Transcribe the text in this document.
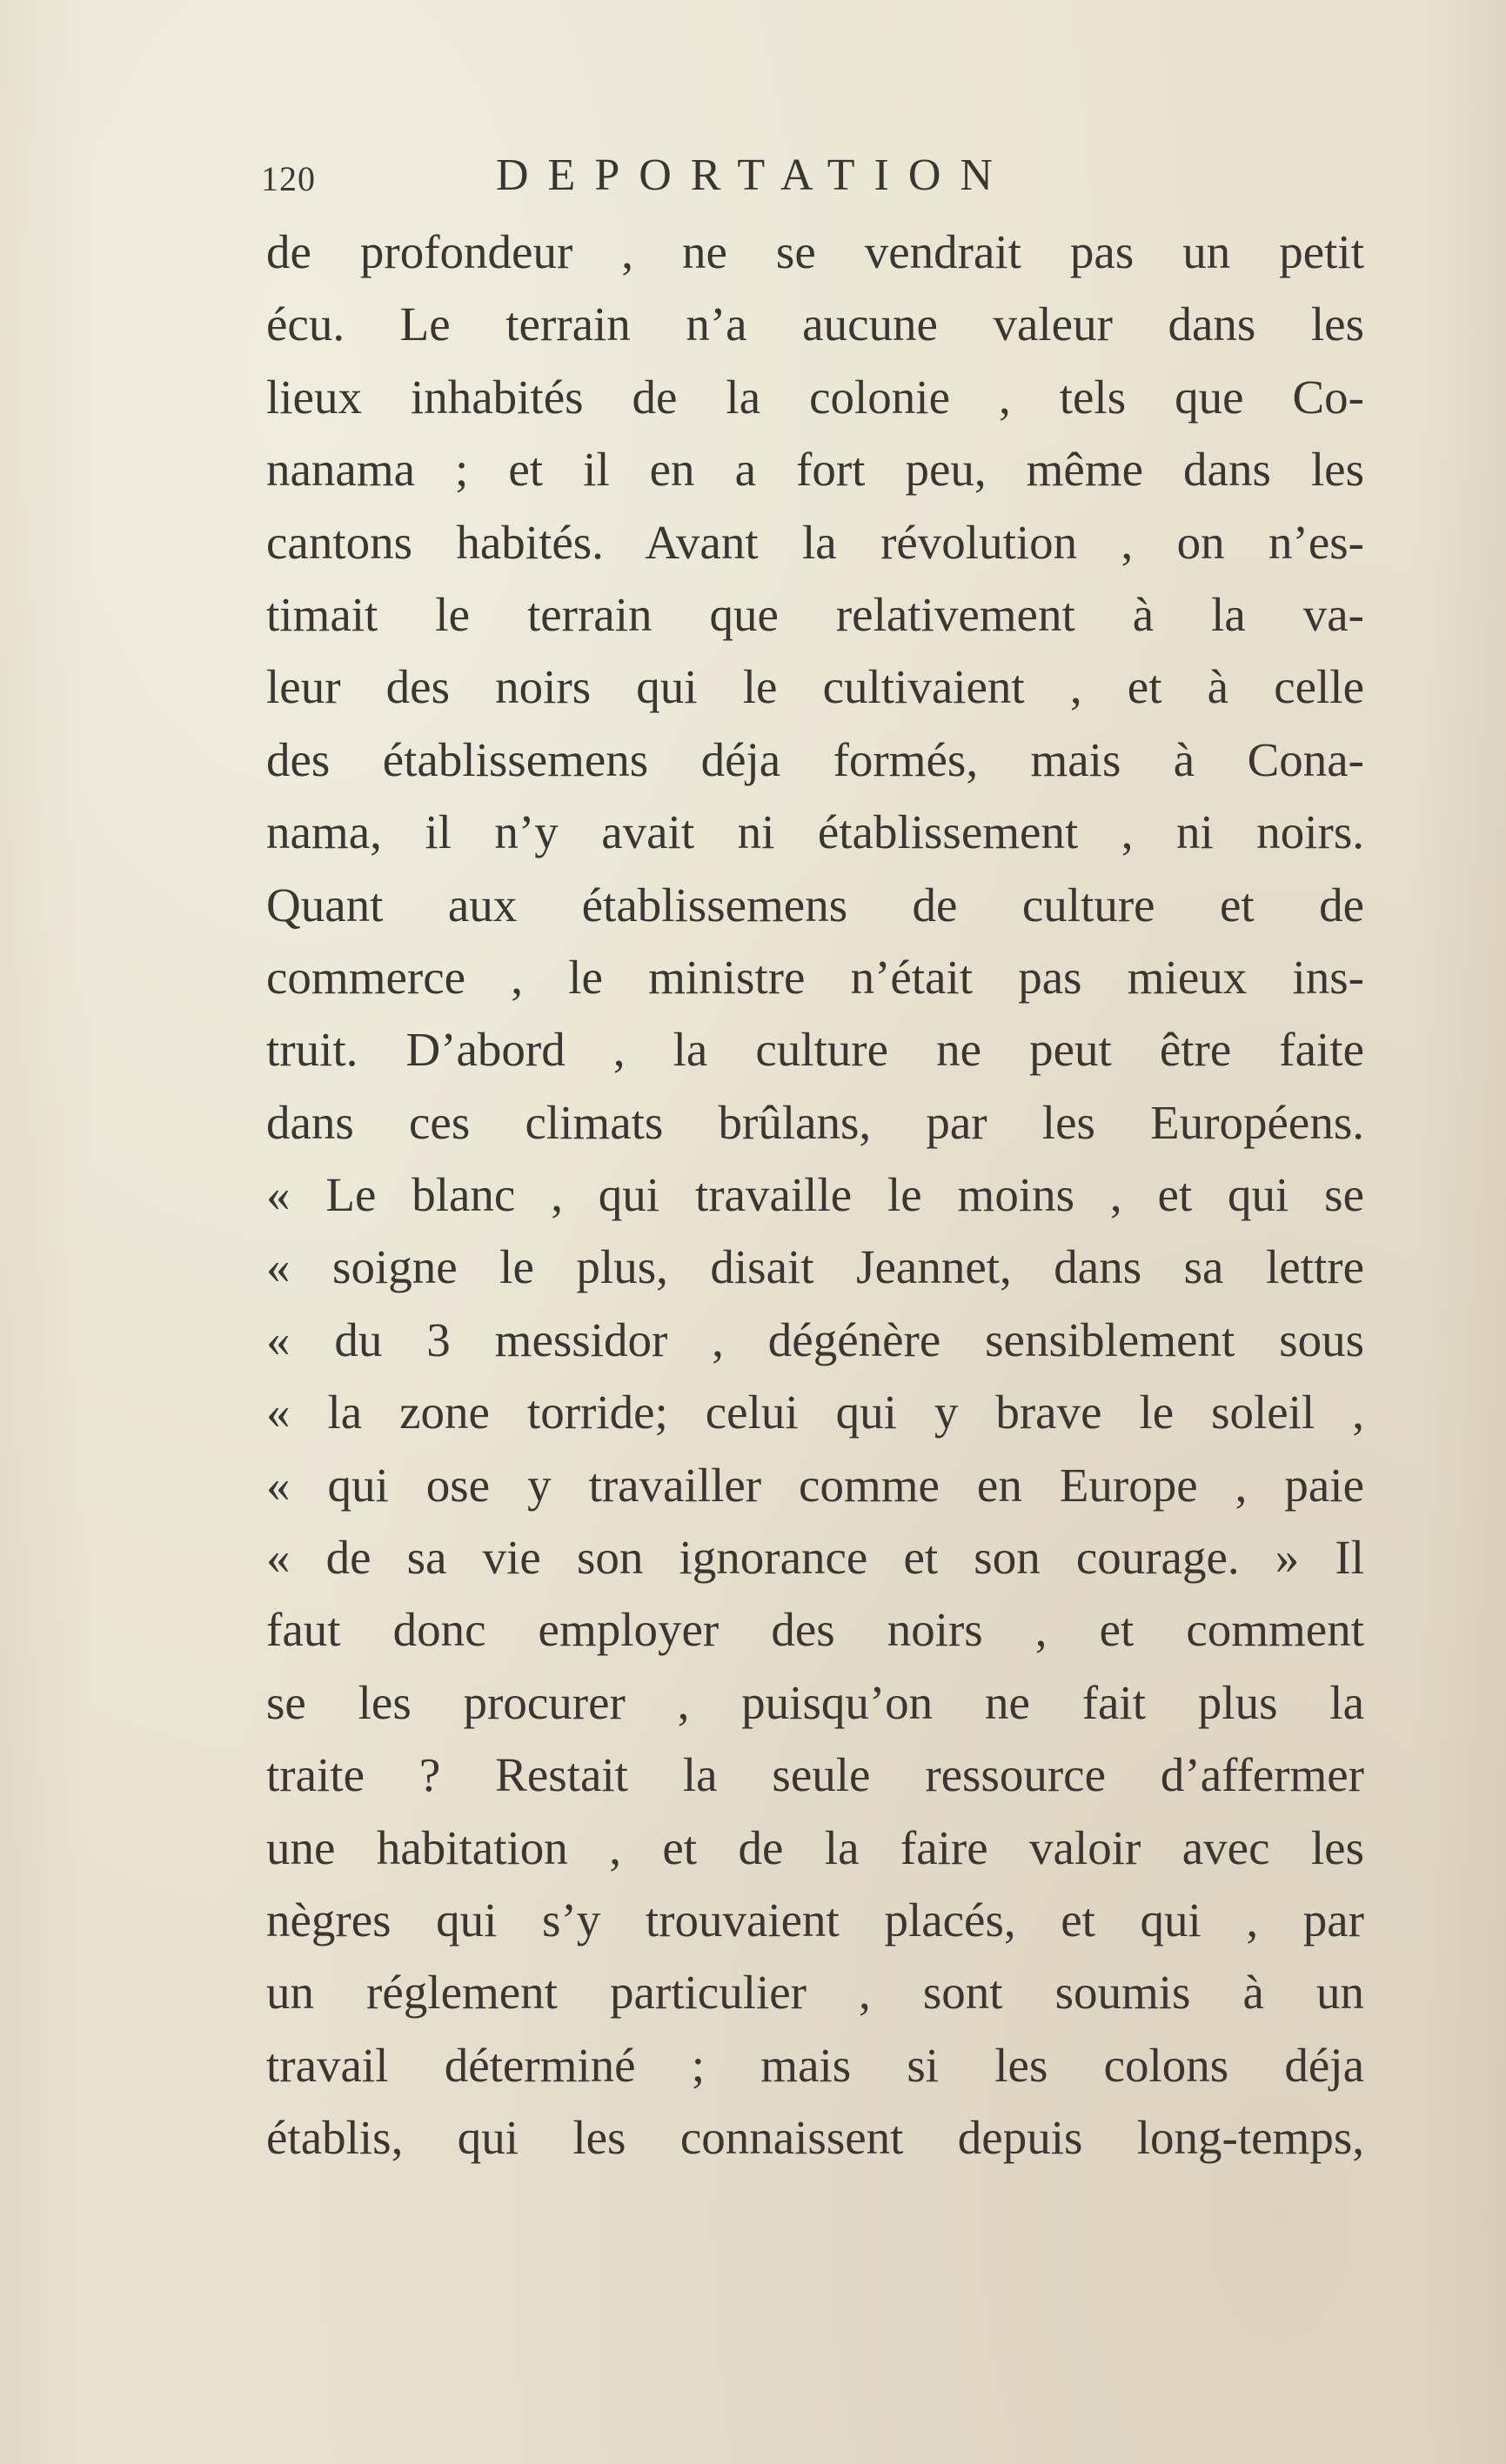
120	DEPORTATION
de profondeur , ne se vendrait pas un petit
écu. Le terrain n’a aucune valeur dans les
lieux inhabités de la colonie , tels que Co-
nanama ; et il en a fort peu, même dans les
cantons habités. Avant la révolution , on n’es-
timait le terrain que relativement à la va-
leur des noirs qui le cultivaient , et à celle
des établissemens déja formés, mais à Cona-
nama, il n’y avait ni établissement , ni noirs.
Quant aux établissemens de culture et de
commerce , le ministre n’était pas mieux ins-
truit. D’abord , la culture ne peut être faite
dans ces climats brûlans, par les Européens.
« Le blanc , qui travaille le moins , et qui se
« soigne le plus, disait Jeannet, dans sa lettre
« du 3 messidor , dégénère sensiblement sous
« la zone torride; celui qui y brave le soleil ,
« qui ose y travailler comme en Europe , paie
« de sa vie son ignorance et son courage. » Il
faut donc employer des noirs , et comment
se les procurer , puisqu’on ne fait plus la
traite ? Restait la seule ressource d’affermer
une habitation , et de la faire valoir avec les
nègres qui s’y trouvaient placés, et qui , par
un réglement particulier , sont soumis à un
travail déterminé ; mais si les colons déja
établis, qui les connaissent depuis long-temps,
